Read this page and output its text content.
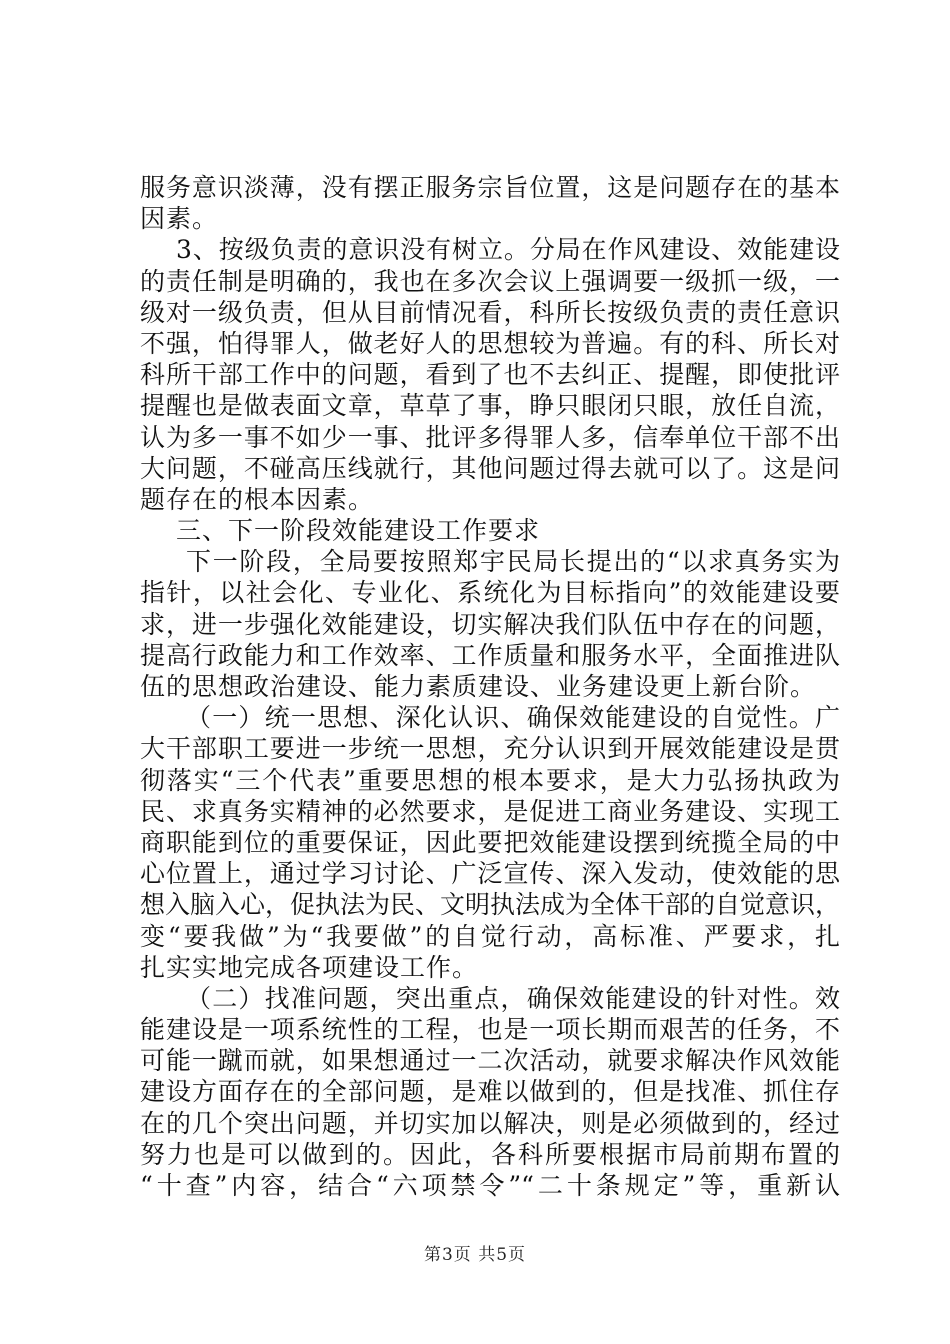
服务意识淡薄，没有摆正服务宗旨位置，这是问题存在的基本
因素。
3、按级负责的意识没有树立。分局在作风建设、效能建设
的责任制是明确的，我也在多次会议上强调要一级抓一级，一
级对一级负责，但从目前情况看，科所长按级负责的责任意识
不强，怕得罪人，做老好人的思想较为普遍。有的科、所长对
科所干部工作中的问题，看到了也不去纠正、提醒，即使批评
提醒也是做表面文章，草草了事，睁只眼闭只眼，放任自流，
认为多一事不如少一事、批评多得罪人多，信奉单位干部不出
大问题，不碰高压线就行，其他问题过得去就可以了。这是问
题存在的根本因素。
三、下一阶段效能建设工作要求
下一阶段，全局要按照郑宇民局长提出的“以求真务实为
指针，以社会化、专业化、系统化为目标指向”的效能建设要
求，进一步强化效能建设，切实解决我们队伍中存在的问题，
提高行政能力和工作效率、工作质量和服务水平，全面推进队
伍的思想政治建设、能力素质建设、业务建设更上新台阶。
（一）统一思想、深化认识、确保效能建设的自觉性。广
大干部职工要进一步统一思想，充分认识到开展效能建设是贯
彻落实“三个代表”重要思想的根本要求，是大力弘扬执政为
民、求真务实精神的必然要求，是促进工商业务建设、实现工
商职能到位的重要保证，因此要把效能建设摆到统揽全局的中
心位置上，通过学习讨论、广泛宣传、深入发动，使效能的思
想入脑入心，促执法为民、文明执法成为全体干部的自觉意识，
变“要我做”为“我要做”的自觉行动，高标准、严要求，扎
扎实实地完成各项建设工作。
（二）找准问题，突出重点，确保效能建设的针对性。效
能建设是一项系统性的工程，也是一项长期而艰苦的任务，不
可能一蹴而就，如果想通过一二次活动，就要求解决作风效能
建设方面存在的全部问题，是难以做到的，但是找准、抓住存
在的几个突出问题，并切实加以解决，则是必须做到的，经过
努力也是可以做到的。因此，各科所要根据市局前期布置的
“十查”内容，结合“六项禁令”“二十条规定”等，重新认
第3页 共5页
